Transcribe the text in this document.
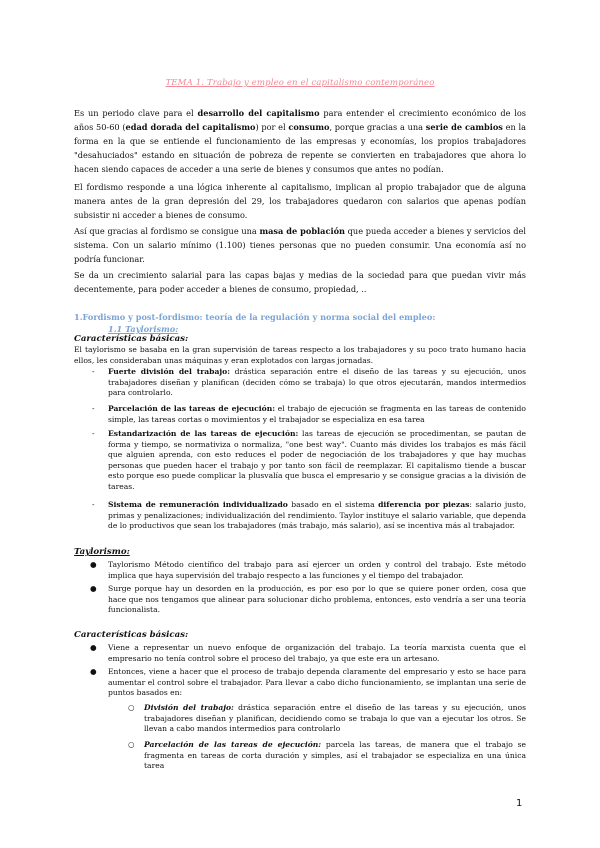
TEMA 1. Trabajo y empleo en el capitalismo contemporáneo

Es un periodo clave para el desarrollo del capitalismo para entender el crecimiento económico de los años 50-60 (edad dorada del capitalismo) por el consumo, porque gracias a una serie de cambios en la forma en la que se entiende el funcionamiento de las empresas y economías, los propios trabajadores "desahuciados" estando en situación de pobreza de repente se convierten en trabajadores que ahora lo hacen siendo capaces de acceder a una serie de bienes y consumos que antes no podían.

El fordismo responde a una lógica inherente al capitalismo, implican al propio trabajador que de alguna manera antes de la gran depresión del 29, los trabajadores quedaron con salarios que apenas podían subsistir ni acceder a bienes de consumo.

Así que gracias al fordismo se consigue una masa de población que pueda acceder a bienes y servicios del sistema. Con un salario mínimo (1.100) tienes personas que no pueden consumir. Una economía así no podría funcionar.

Se da un crecimiento salarial para las capas bajas y medias de la sociedad para que puedan vivir más decentemente, para poder acceder a bienes de consumo, propiedad, ..

1.Fordismo y post-fordismo: teoría de la regulación y norma social del empleo:
1.1 Taylorismo:
Características básicas:
El taylorismo se basaba en la gran supervisión de tareas respecto a los trabajadores y su poco trato humano hacia ellos, les consideraban unas máquinas y eran explotados con largas jornadas.
- Fuerte división del trabajo: drástica separación entre el diseño de las tareas y su ejecución, unos trabajadores diseñan y planifican (deciden cómo se trabaja) lo que otros ejecutarán, mandos intermedios para controlarlo.
- Parcelación de las tareas de ejecución: el trabajo de ejecución se fragmenta en las tareas de contenido simple, las tareas cortas o movimientos y el trabajador se especializa en esa tarea
- Estandarización de las tareas de ejecución: las tareas de ejecución se procedimentan, se pautan de forma y tiempo, se normativiza o normaliza, "one best way". Cuanto más divides los trabajos es más fácil que alguien aprenda, con esto reduces el poder de negociación de los trabajadores y que hay muchas personas que pueden hacer el trabajo y por tanto son fácil de reemplazar. El capitalismo tiende a buscar esto porque eso puede complicar la plusvalía que busca el empresario y se consigue gracias a la división de tareas.
- Sistema de remuneración individualizado basado en el sistema diferencia por piezas: salario justo, primas y penalizaciones; individualización del rendimiento. Taylor instituye el salario variable, que dependa de lo productivos que sean los trabajadores (más trabajo, más salario), así se incentiva más al trabajador.
Taylorismo:
● Taylorismo Método científico del trabajo para así ejercer un orden y control del trabajo. Este método implica que haya supervisión del trabajo respecto a las funciones y el tiempo del trabajador.
● Surge porque hay un desorden en la producción, es por eso por lo que se quiere poner orden, cosa que hace que nos tengamos que alinear para solucionar dicho problema, entonces, esto vendría a ser una teoría funcionalista.
Características básicas:
● Viene a representar un nuevo enfoque de organización del trabajo. La teoría marxista cuenta que el empresario no tenía control sobre el proceso del trabajo, ya que este era un artesano.
● Entonces, viene a hacer que el proceso de trabajo dependa claramente del empresario y esto se hace para aumentar el control sobre el trabajador. Para llevar a cabo dicho funcionamiento, se implantan una serie de puntos basados en:
○ División del trabajo: drástica separación entre el diseño de las tareas y su ejecución, unos trabajadores diseñan y planifican, decidiendo como se trabaja lo que van a ejecutar los otros. Se llevan a cabo mandos intermedios para controlarlo
○ Parcelación de las tareas de ejecución: parcela las tareas, de manera que el trabajo se fragmenta en tareas de corta duración y simples, así el trabajador se especializa en una única tarea
1
